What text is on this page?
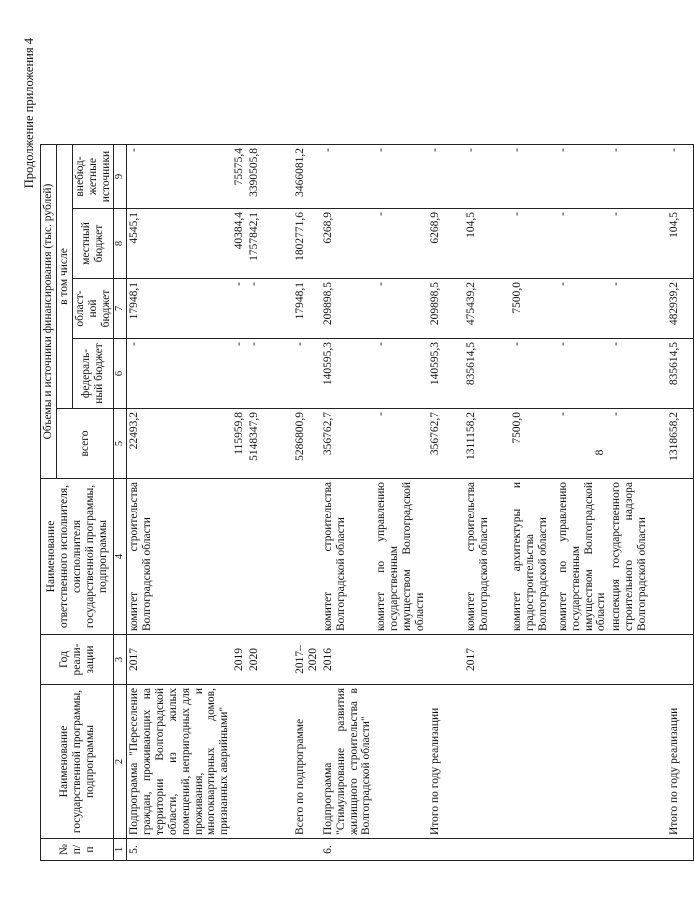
Продолжение приложения 4
№ п/п	Наименование государственной программы, подпрограммы	Год реали-зации	Наименование ответственного исполнителя, соисполнителя государственной программы, подпрограммы	Объемы и источники финансирования (тыс. рублей)				
				всего	в том числе			
					федераль-ный бюджет	област-ной бюджет	местный бюджет	внебюд-жетные источники
1	2	3	4	5	6	7	8	9
5.	Подпрограмма "Переселение граждан, проживающих на территории Волгоградской области, из жилых помещений, непригодных для проживания, и многоквартирных домов, признанных аварийными"	2017	комитет строительства Волгоградской области	22493,2	-	17948,1	4545,1	-
		2019		115959,8	-	-	40384,4	75575,4
		2020		5148347,9	-	-	1757842,1	3390505,8
	Всего по подпрограмме	2017–2020		5286800,9	-	17948,1	1802771,6	3466081,2
6.	Подпрограмма "Стимулирование развития жилищного строительства в Волгоградской области"	2016	комитет строительства Волгоградской области	356762,7	140595,3	209898,5	6268,9	-
			комитет по управлению государственным имуществом Волгоградской области	-	-	-	-	-
	Итого по году реализации			356762,7	140595,3	209898,5	6268,9	-
		2017	комитет строительства Волгоградской области	1311158,2	835614,5	475439,2	104,5	-
			комитет архитектуры и градостроительства Волгоградской области	7500,0	-	7500,0	-	-
			комитет по управлению государственным имуществом Волгоградской области	-	-	-	-	-
			инспекция государственного строительного надзора Волгоградской области	-	-	-	-	-
	Итого по году реализации			1318658,2	835614,5	482939,2	104,5	-
8
